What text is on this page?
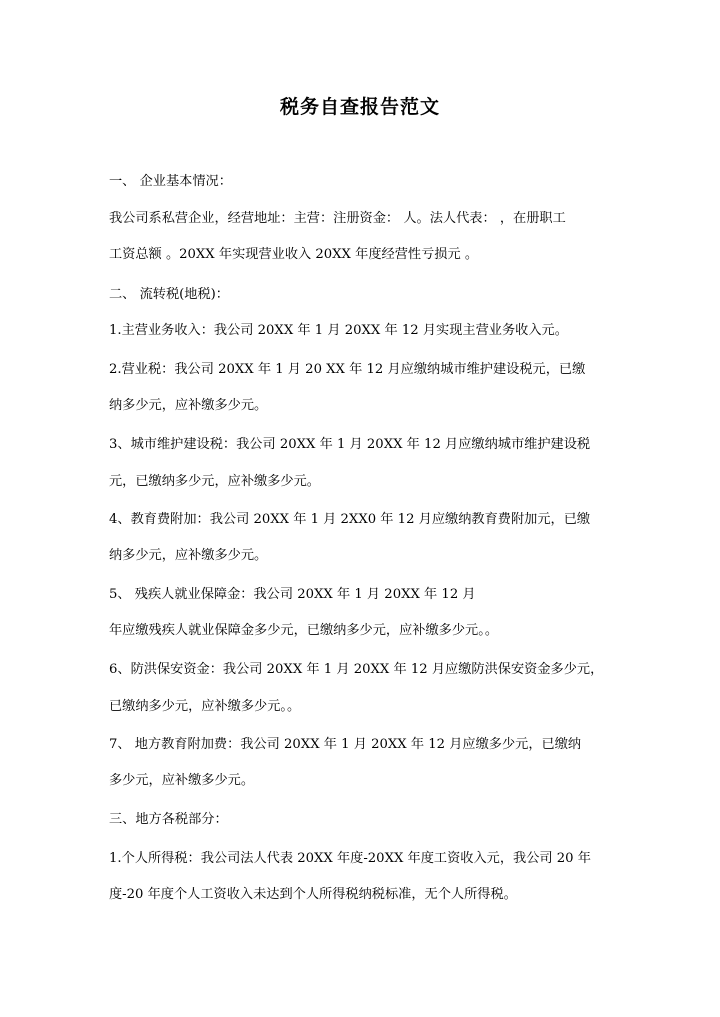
税务自查报告范文
一、 企业基本情况：
我公司系私营企业，经营地址：主营：注册资金： 人。法人代表： ，在册职工
工资总额 。20XX 年实现营业收入 20XX 年度经营性亏损元 。
二、 流转税(地税)：
1.主营业务收入：我公司 20XX 年 1 月 20XX 年 12 月实现主营业务收入元。
2.营业税：我公司 20XX 年 1 月 20 XX 年 12 月应缴纳城市维护建设税元，已缴
纳多少元，应补缴多少元。
3、城市维护建设税：我公司 20XX 年 1 月 20XX 年 12 月应缴纳城市维护建设税
元，已缴纳多少元，应补缴多少元。
4、教育费附加：我公司 20XX 年 1 月 2XX0 年 12 月应缴纳教育费附加元，已缴
纳多少元，应补缴多少元。
5、 残疾人就业保障金：我公司 20XX 年 1 月 20XX 年 12 月
年应缴残疾人就业保障金多少元，已缴纳多少元，应补缴多少元。。
6、防洪保安资金：我公司 20XX 年 1 月 20XX 年 12 月应缴防洪保安资金多少元，
已缴纳多少元，应补缴多少元。。
7、 地方教育附加费：我公司 20XX 年 1 月 20XX 年 12 月应缴多少元，已缴纳
多少元，应补缴多少元。
三、地方各税部分：
1.个人所得税：我公司法人代表 20XX 年度-20XX 年度工资收入元，我公司 20 年
度-20 年度个人工资收入未达到个人所得税纳税标准，无个人所得税。
